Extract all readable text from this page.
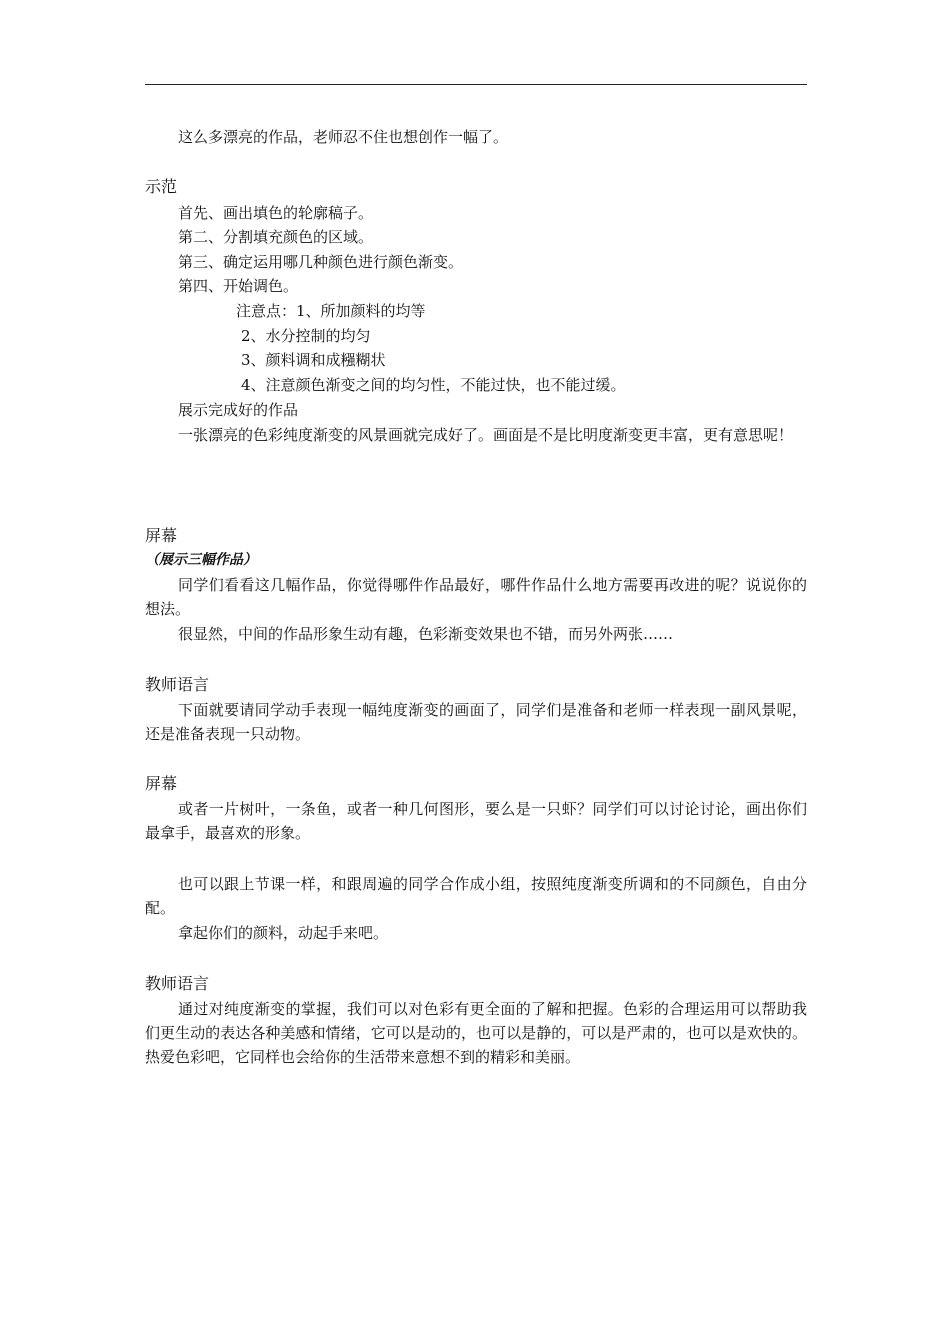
这么多漂亮的作品，老师忍不住也想创作一幅了。
示范
首先、画出填色的轮廓稿子。
第二、分割填充颜色的区域。
第三、确定运用哪几种颜色进行颜色渐变。
第四、开始调色。
注意点：1、所加颜料的均等
2、水分控制的均匀
3、颜料调和成糨糊状
4、注意颜色渐变之间的均匀性，不能过快，也不能过缓。
展示完成好的作品
一张漂亮的色彩纯度渐变的风景画就完成好了。画面是不是比明度渐变更丰富，更有意思呢！
屏幕
（展示三幅作品）
同学们看看这几幅作品，你觉得哪件作品最好，哪件作品什么地方需要再改进的呢？说说你的想法。
很显然，中间的作品形象生动有趣，色彩渐变效果也不错，而另外两张……
教师语言
下面就要请同学动手表现一幅纯度渐变的画面了，同学们是准备和老师一样表现一副风景呢，还是准备表现一只动物。
屏幕
或者一片树叶，一条鱼，或者一种几何图形，要么是一只虾？同学们可以讨论讨论，画出你们最拿手，最喜欢的形象。
也可以跟上节课一样，和跟周遍的同学合作成小组，按照纯度渐变所调和的不同颜色，自由分配。
拿起你们的颜料，动起手来吧。
教师语言
通过对纯度渐变的掌握，我们可以对色彩有更全面的了解和把握。色彩的合理运用可以帮助我们更生动的表达各种美感和情绪，它可以是动的，也可以是静的，可以是严肃的，也可以是欢快的。热爱色彩吧，它同样也会给你的生活带来意想不到的精彩和美丽。
